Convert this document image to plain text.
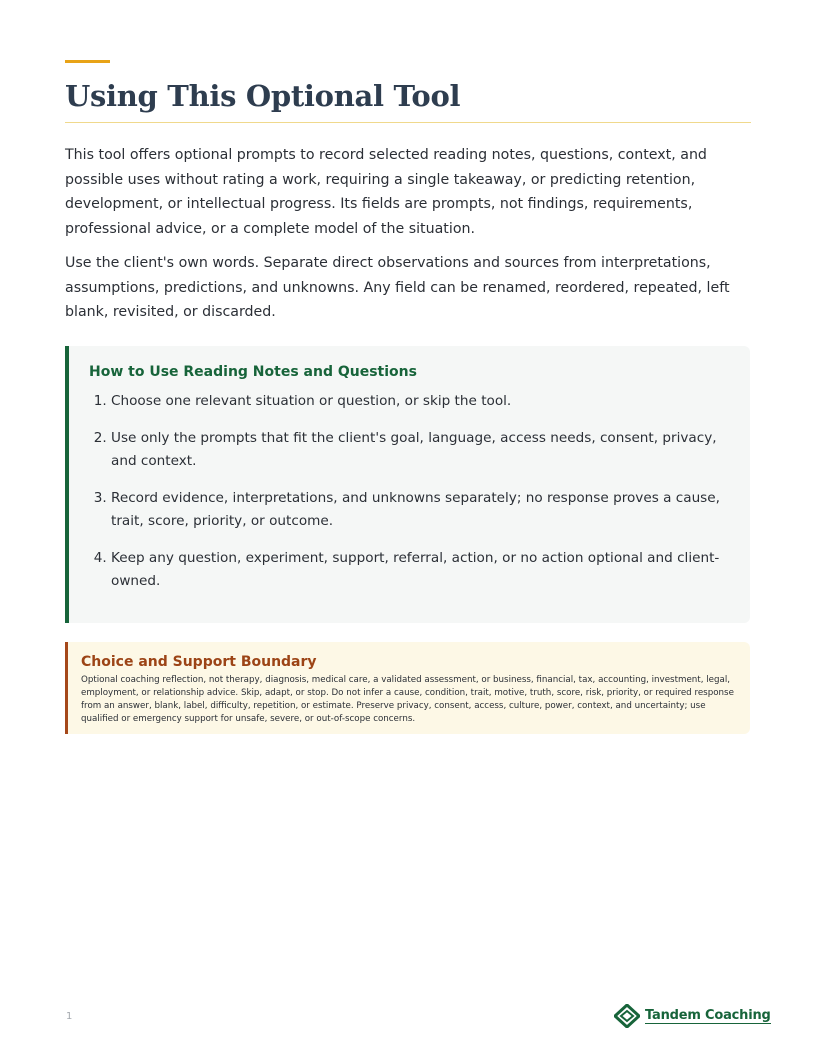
Using This Optional Tool

This tool offers optional prompts to record selected reading notes, questions, context, and possible uses without rating a work, requiring a single takeaway, or predicting retention, development, or intellectual progress. Its fields are prompts, not findings, requirements, professional advice, or a complete model of the situation.

Use the client's own words. Separate direct observations and sources from interpretations, assumptions, predictions, and unknowns. Any field can be renamed, reordered, repeated, left blank, revisited, or discarded.

How to Use Reading Notes and Questions
1. Choose one relevant situation or question, or skip the tool.
2. Use only the prompts that fit the client's goal, language, access needs, consent, privacy, and context.
3. Record evidence, interpretations, and unknowns separately; no response proves a cause, trait, score, priority, or outcome.
4. Keep any question, experiment, support, referral, action, or no action optional and client-owned.
Choice and Support Boundary

Optional coaching reflection, not therapy, diagnosis, medical care, a validated assessment, or business, financial, tax, accounting, investment, legal, employment, or relationship advice. Skip, adapt, or stop. Do not infer a cause, condition, trait, motive, truth, score, risk, priority, or required response from an answer, blank, label, difficulty, repetition, or estimate. Preserve privacy, consent, access, culture, power, context, and uncertainty; use qualified or emergency support for unsafe, severe, or out-of-scope concerns.

1	Tandem Coaching
